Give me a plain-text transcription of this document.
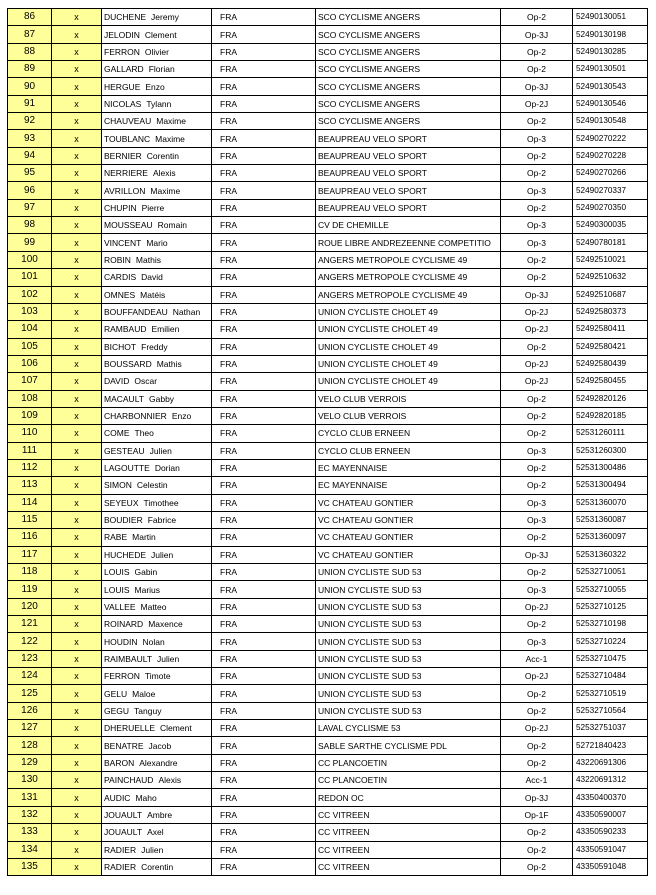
86	x	DUCHENE Jeremy	FRA	SCO CYCLISME ANGERS	Op-2	52490130051
87	x	JELODIN Clement	FRA	SCO CYCLISME ANGERS	Op-3J	52490130198
88	x	FERRON Olivier	FRA	SCO CYCLISME ANGERS	Op-2	52490130285
89	x	GALLARD Florian	FRA	SCO CYCLISME ANGERS	Op-2	52490130501
90	x	HERGUE Enzo	FRA	SCO CYCLISME ANGERS	Op-3J	52490130543
91	x	NICOLAS Tylann	FRA	SCO CYCLISME ANGERS	Op-2J	52490130546
92	x	CHAUVEAU Maxime	FRA	SCO CYCLISME ANGERS	Op-2	52490130548
93	x	TOUBLANC Maxime	FRA	BEAUPREAU VELO SPORT	Op-3	52490270222
94	x	BERNIER Corentin	FRA	BEAUPREAU VELO SPORT	Op-2	52490270228
95	x	NERRIERE Alexis	FRA	BEAUPREAU VELO SPORT	Op-2	52490270266
96	x	AVRILLON Maxime	FRA	BEAUPREAU VELO SPORT	Op-3	52490270337
97	x	CHUPIN Pierre	FRA	BEAUPREAU VELO SPORT	Op-2	52490270350
98	x	MOUSSEAU Romain	FRA	CV DE CHEMILLE	Op-3	52490300035
99	x	VINCENT Mario	FRA	ROUE LIBRE ANDREZEENNE COMPETITIO	Op-3	52490780181
100	x	ROBIN Mathis	FRA	ANGERS METROPOLE CYCLISME 49	Op-2	52492510021
101	x	CARDIS David	FRA	ANGERS METROPOLE CYCLISME 49	Op-2	52492510632
102	x	OMNES Matéis	FRA	ANGERS METROPOLE CYCLISME 49	Op-3J	52492510687
103	x	BOUFFANDEAU Nathan	FRA	UNION CYCLISTE CHOLET 49	Op-2J	52492580373
104	x	RAMBAUD Emilien	FRA	UNION CYCLISTE CHOLET 49	Op-2J	52492580411
105	x	BICHOT Freddy	FRA	UNION CYCLISTE CHOLET 49	Op-2	52492580421
106	x	BOUSSARD Mathis	FRA	UNION CYCLISTE CHOLET 49	Op-2J	52492580439
107	x	DAVID Oscar	FRA	UNION CYCLISTE CHOLET 49	Op-2J	52492580455
108	x	MACAULT Gabby	FRA	VELO CLUB VERROIS	Op-2	52492820126
109	x	CHARBONNIER Enzo	FRA	VELO CLUB VERROIS	Op-2	52492820185
110	x	COME Theo	FRA	CYCLO CLUB ERNEEN	Op-2	52531260111
111	x	GESTEAU Julien	FRA	CYCLO CLUB ERNEEN	Op-3	52531260300
112	x	LAGOUTTE Dorian	FRA	EC MAYENNAISE	Op-2	52531300486
113	x	SIMON Celestin	FRA	EC MAYENNAISE	Op-2	52531300494
114	x	SEYEUX Timothee	FRA	VC CHATEAU GONTIER	Op-3	52531360070
115	x	BOUDIER Fabrice	FRA	VC CHATEAU GONTIER	Op-3	52531360087
116	x	RABE Martin	FRA	VC CHATEAU GONTIER	Op-2	52531360097
117	x	HUCHEDE Julien	FRA	VC CHATEAU GONTIER	Op-3J	52531360322
118	x	LOUIS Gabin	FRA	UNION CYCLISTE SUD 53	Op-2	52532710051
119	x	LOUIS Marius	FRA	UNION CYCLISTE SUD 53	Op-3	52532710055
120	x	VALLEE Matteo	FRA	UNION CYCLISTE SUD 53	Op-2J	52532710125
121	x	ROINARD Maxence	FRA	UNION CYCLISTE SUD 53	Op-2	52532710198
122	x	HOUDIN Nolan	FRA	UNION CYCLISTE SUD 53	Op-3	52532710224
123	x	RAIMBAULT Julien	FRA	UNION CYCLISTE SUD 53	Acc-1	52532710475
124	x	FERRON Timote	FRA	UNION CYCLISTE SUD 53	Op-2J	52532710484
125	x	GELU Maloe	FRA	UNION CYCLISTE SUD 53	Op-2	52532710519
126	x	GEGU Tanguy	FRA	UNION CYCLISTE SUD 53	Op-2	52532710564
127	x	DHERUELLE Clement	FRA	LAVAL CYCLISME 53	Op-2J	52532751037
128	x	BENATRE Jacob	FRA	SABLE SARTHE CYCLISME PDL	Op-2	52721840423
129	x	BARON Alexandre	FRA	CC PLANCOETIN	Op-2	43220691306
130	x	PAINCHAUD Alexis	FRA	CC PLANCOETIN	Acc-1	43220691312
131	x	AUDIC Maho	FRA	REDON OC	Op-3J	43350400370
132	x	JOUAULT Ambre	FRA	CC VITREEN	Op-1F	43350590007
133	x	JOUAULT Axel	FRA	CC VITREEN	Op-2	43350590233
134	x	RADIER Julien	FRA	CC VITREEN	Op-2	43350591047
135	x	RADIER Corentin	FRA	CC VITREEN	Op-2	43350591048
